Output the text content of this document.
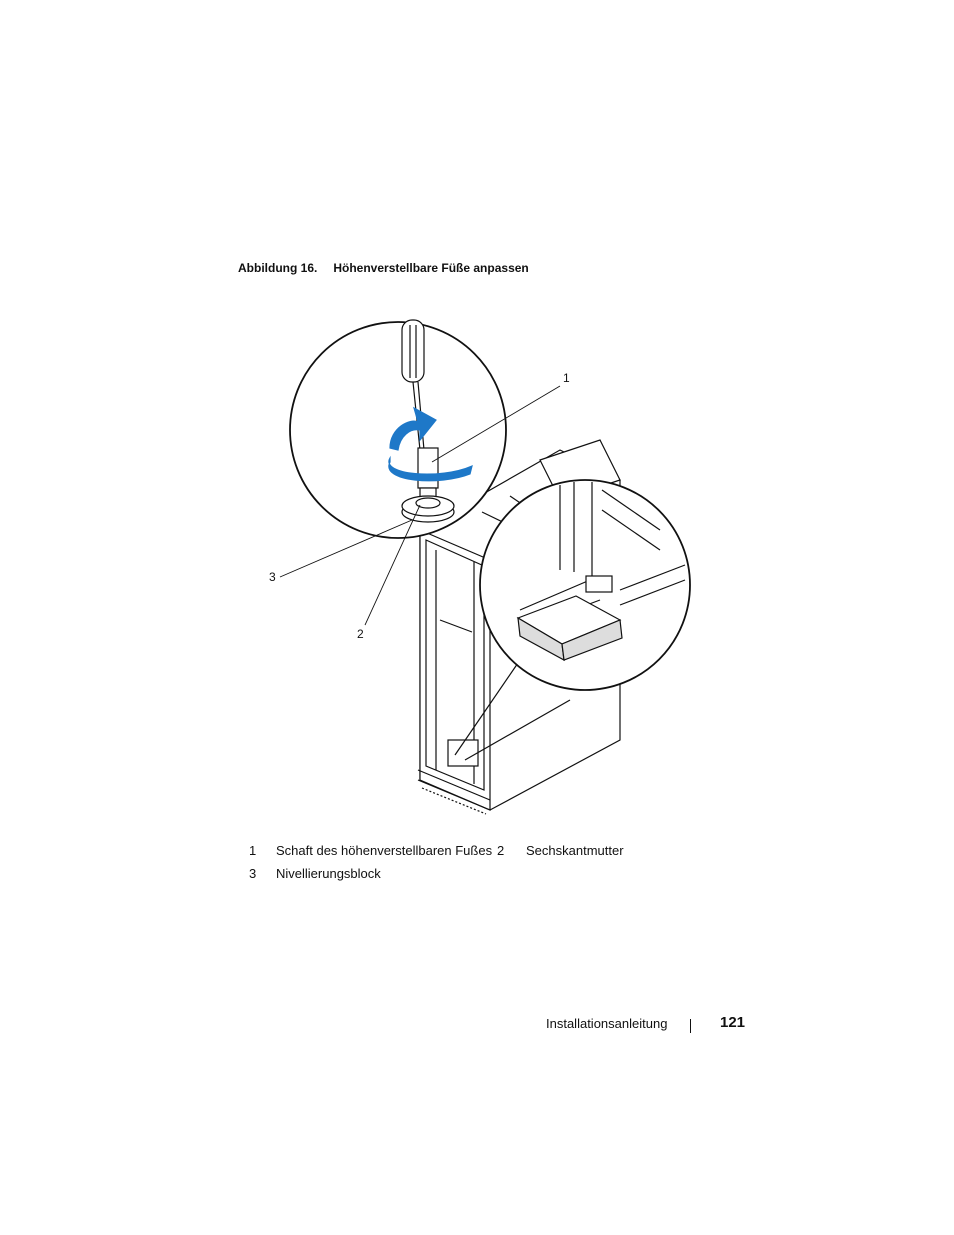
Abbildung 16. Höhenverstellbare Füße anpassen
1
2
3
1 Schaft des höhenverstellbaren Fußes 2 Sechskantmutter
3 Nivellierungsblock
Installationsanleitung	121
